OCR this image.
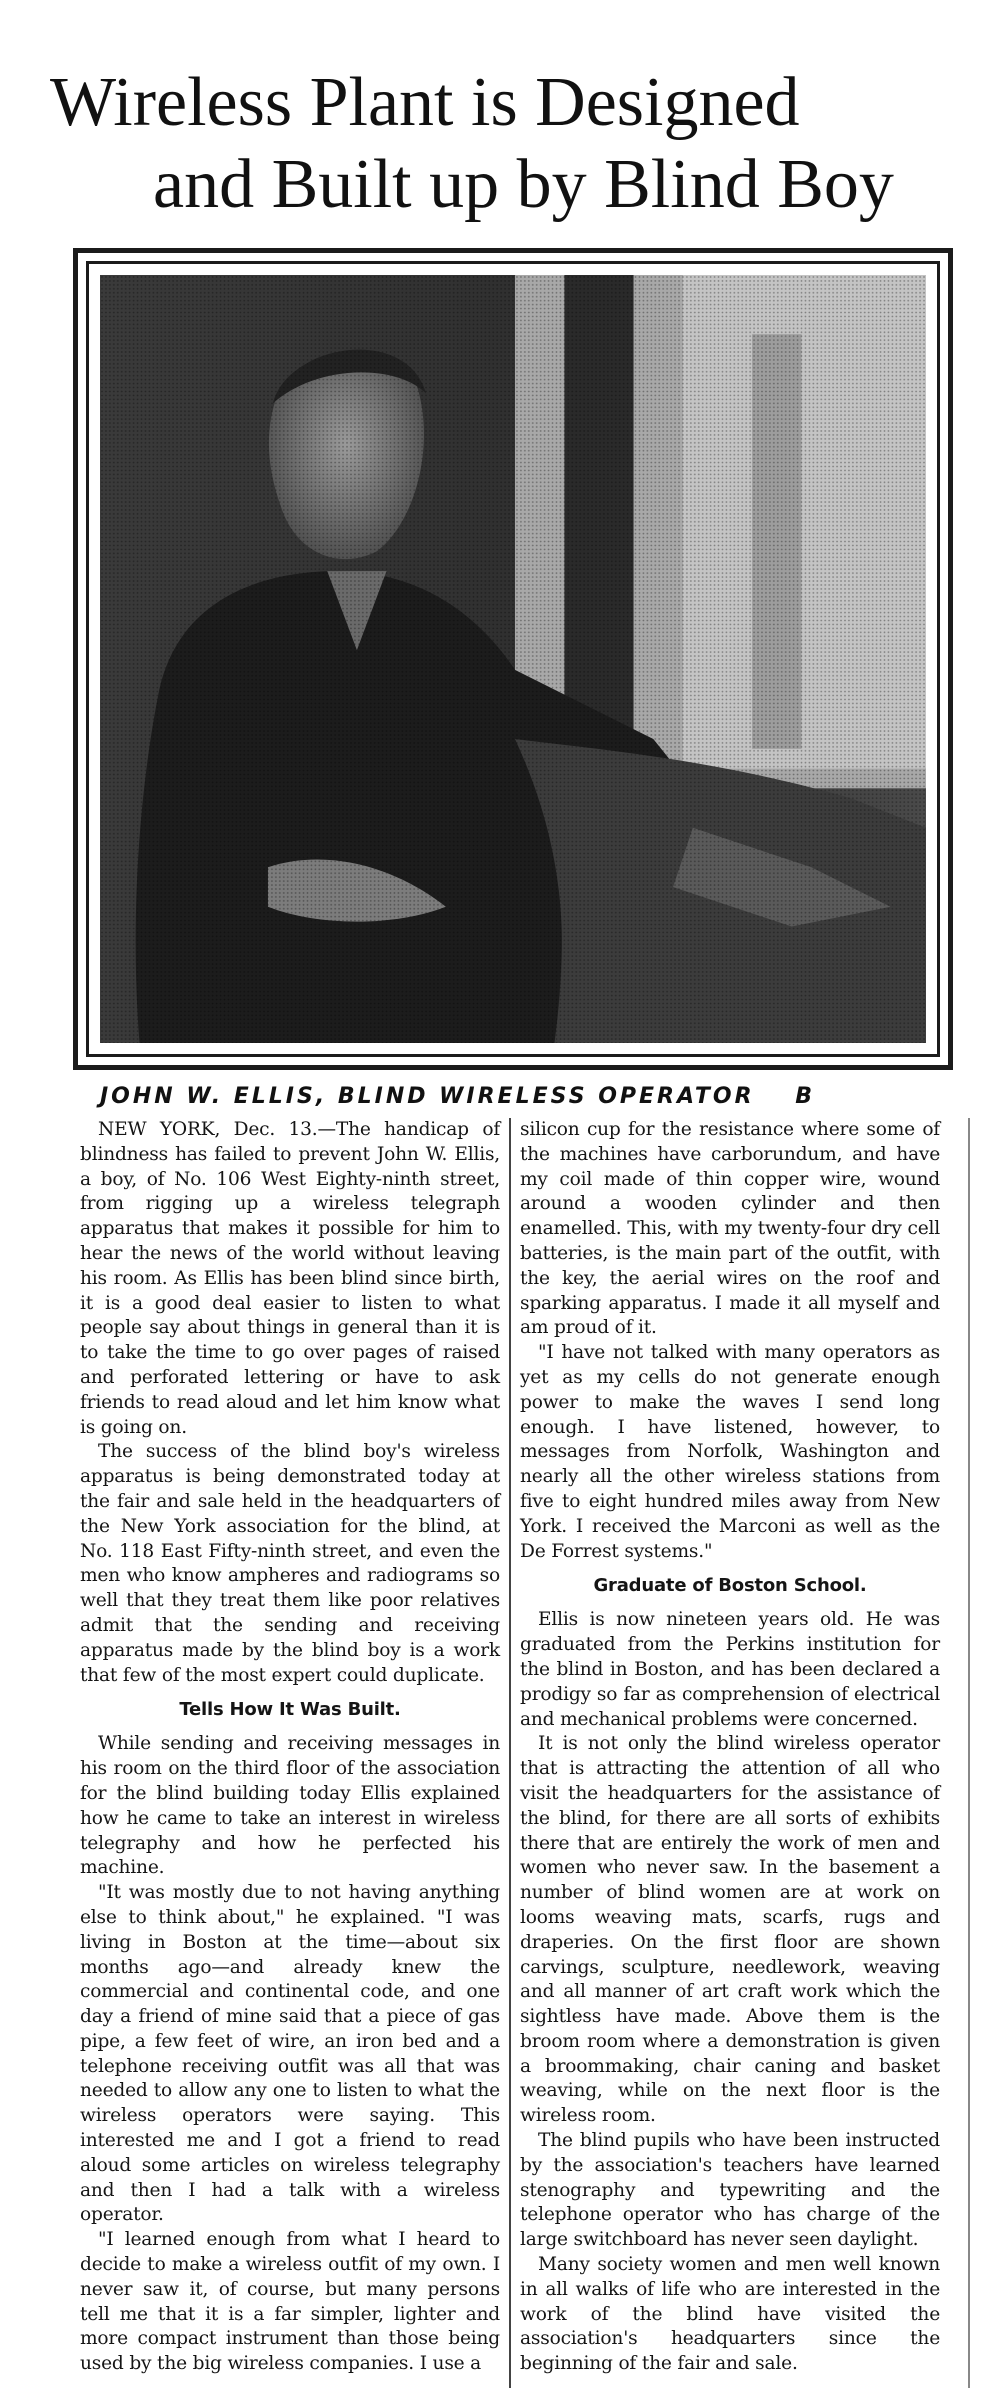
Wireless Plant is Designed
and Built up by Blind Boy
JOHN W. ELLIS, BLIND WIRELESS OPERATOR B

NEW YORK, Dec. 13.—The handicap of blindness has failed to prevent John W. Ellis, a boy, of No. 106 West Eighty-ninth street, from rigging up a wireless telegraph apparatus that makes it possible for him to hear the news of the world without leaving his room. As Ellis has been blind since birth, it is a good deal easier to listen to what people say about things in general than it is to take the time to go over pages of raised and perforated lettering or have to ask friends to read aloud and let him know what is going on.

The success of the blind boy's wireless apparatus is being demonstrated today at the fair and sale held in the headquarters of the New York association for the blind, at No. 118 East Fifty-ninth street, and even the men who know ampheres and radiograms so well that they treat them like poor relatives admit that the sending and receiving apparatus made by the blind boy is a work that few of the most expert could duplicate.

Tells How It Was Built.

While sending and receiving messages in his room on the third floor of the association for the blind building today Ellis explained how he came to take an interest in wireless telegraphy and how he perfected his machine.

"It was mostly due to not having anything else to think about," he explained. "I was living in Boston at the time—about six months ago—and already knew the commercial and continental code, and one day a friend of mine said that a piece of gas pipe, a few feet of wire, an iron bed and a telephone receiving outfit was all that was needed to allow any one to listen to what the wireless operators were saying. This interested me and I got a friend to read aloud some articles on wireless telegraphy and then I had a talk with a wireless operator.

"I learned enough from what I heard to decide to make a wireless outfit of my own. I never saw it, of course, but many persons tell me that it is a far simpler, lighter and more compact instrument than those being used by the big wireless companies. I use a

silicon cup for the resistance where some of the machines have carborundum, and have my coil made of thin copper wire, wound around a wooden cylinder and then enamelled. This, with my twenty-four dry cell batteries, is the main part of the outfit, with the key, the aerial wires on the roof and sparking apparatus. I made it all myself and am proud of it.

"I have not talked with many operators as yet as my cells do not generate enough power to make the waves I send long enough. I have listened, however, to messages from Norfolk, Washington and nearly all the other wireless stations from five to eight hundred miles away from New York. I received the Marconi as well as the De Forrest systems."

Graduate of Boston School.

Ellis is now nineteen years old. He was graduated from the Perkins institution for the blind in Boston, and has been declared a prodigy so far as comprehension of electrical and mechanical problems were concerned.

It is not only the blind wireless operator that is attracting the attention of all who visit the headquarters for the assistance of the blind, for there are all sorts of exhibits there that are entirely the work of men and women who never saw. In the basement a number of blind women are at work on looms weaving mats, scarfs, rugs and draperies. On the first floor are shown carvings, sculpture, needlework, weaving and all manner of art craft work which the sightless have made. Above them is the broom room where a demonstration is given a broommaking, chair caning and basket weaving, while on the next floor is the wireless room.

The blind pupils who have been instructed by the association's teachers have learned stenography and typewriting and the telephone operator who has charge of the large switchboard has never seen daylight.

Many society women and men well known in all walks of life who are interested in the work of the blind have visited the association's headquarters since the beginning of the fair and sale.
